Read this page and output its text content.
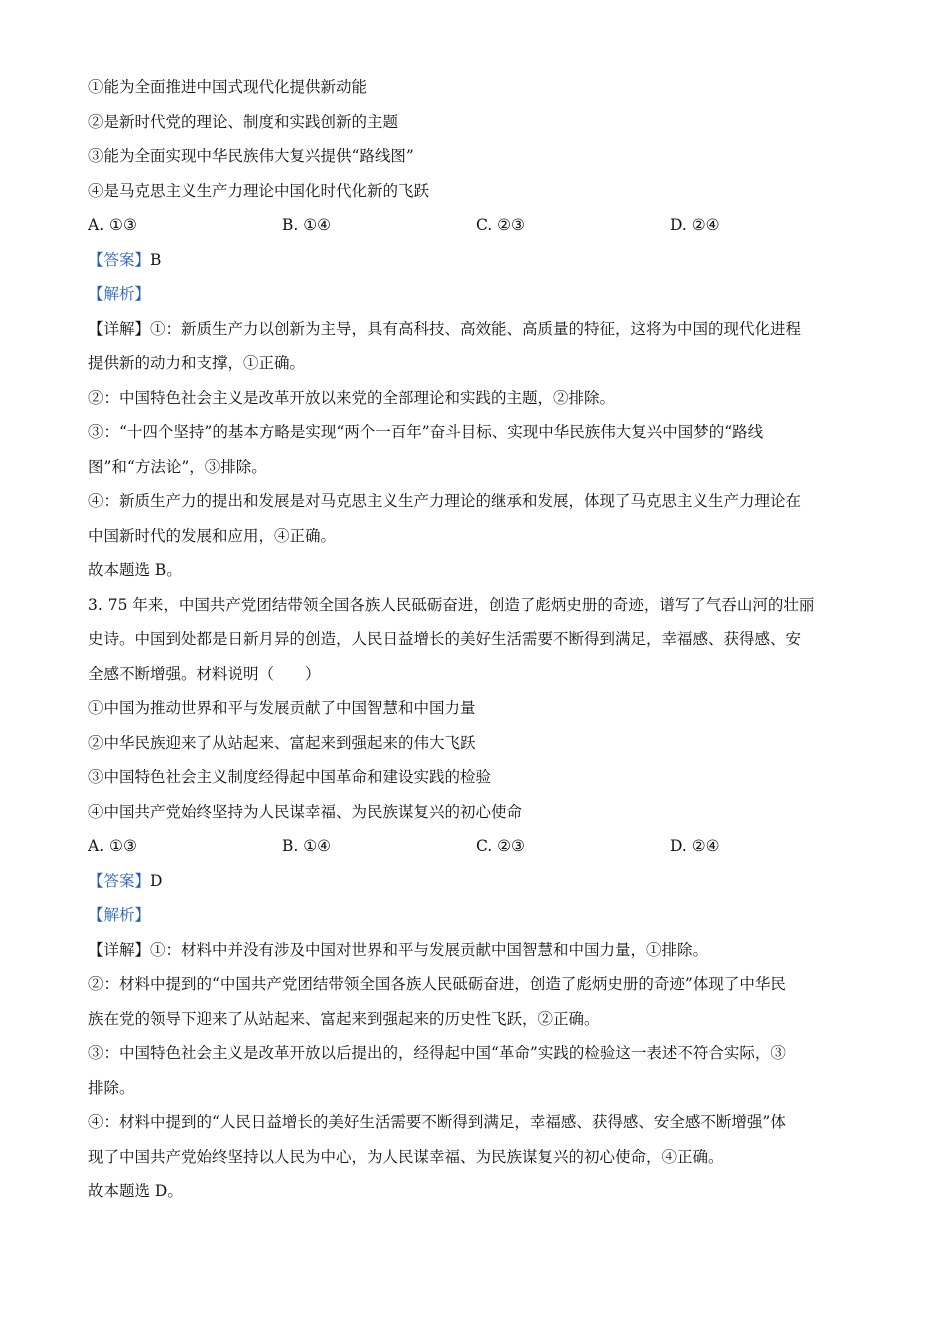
①能为全面推进中国式现代化提供新动能
②是新时代党的理论、制度和实践创新的主题
③能为全面实现中华民族伟大复兴提供“路线图”
④是马克思主义生产力理论中国化时代化新的飞跃
A. ①③	B. ①④	C. ②③	D. ②④
【答案】B
【解析】
【详解】①：新质生产力以创新为主导，具有高科技、高效能、高质量的特征，这将为中国的现代化进程
提供新的动力和支撑，①正确。
②：中国特色社会主义是改革开放以来党的全部理论和实践的主题，②排除。
③：“十四个坚持”的基本方略是实现“两个一百年”奋斗目标、实现中华民族伟大复兴中国梦的“路线
图”和“方法论”，③排除。
④：新质生产力的提出和发展是对马克思主义生产力理论的继承和发展，体现了马克思主义生产力理论在
中国新时代的发展和应用，④正确。
故本题选 B。
3. 75 年来，中国共产党团结带领全国各族人民砥砺奋进，创造了彪炳史册的奇迹，谱写了气吞山河的壮丽
史诗。中国到处都是日新月异的创造，人民日益增长的美好生活需要不断得到满足，幸福感、获得感、安
全感不断增强。材料说明（　　）
①中国为推动世界和平与发展贡献了中国智慧和中国力量
②中华民族迎来了从站起来、富起来到强起来的伟大飞跃
③中国特色社会主义制度经得起中国革命和建设实践的检验
④中国共产党始终坚持为人民谋幸福、为民族谋复兴的初心使命
A. ①③	B. ①④	C. ②③	D. ②④
【答案】D
【解析】
【详解】①：材料中并没有涉及中国对世界和平与发展贡献中国智慧和中国力量，①排除。
②：材料中提到的“中国共产党团结带领全国各族人民砥砺奋进，创造了彪炳史册的奇迹”体现了中华民
族在党的领导下迎来了从站起来、富起来到强起来的历史性飞跃，②正确。
③：中国特色社会主义是改革开放以后提出的，经得起中国“革命”实践的检验这一表述不符合实际，③
排除。
④：材料中提到的“人民日益增长的美好生活需要不断得到满足，幸福感、获得感、安全感不断增强”体
现了中国共产党始终坚持以人民为中心，为人民谋幸福、为民族谋复兴的初心使命，④正确。
故本题选 D。
